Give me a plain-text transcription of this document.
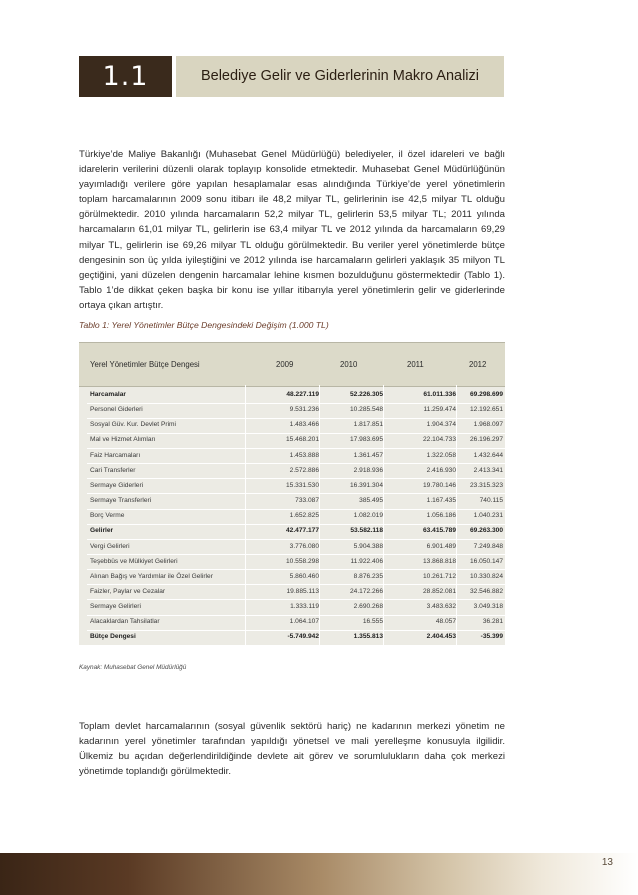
1.1	Belediye Gelir ve Giderlerinin Makro Analizi
Türkiye’de Maliye Bakanlığı (Muhasebat Genel Müdürlüğü) belediyeler, il özel idareleri ve bağlı idarelerin verilerini düzenli olarak toplayıp konsolide etmektedir. Muhasebat Genel Müdürlüğünün yayımladığı verilere göre yapılan hesaplamalar esas alındığında Türkiye’de yerel yönetimlerin toplam harcamalarının 2009 sonu itibarı ile 48,2 milyar TL, gelirlerinin ise 42,5 milyar TL olduğu görülmektedir. 2010 yılında harcamaların 52,2 milyar TL, gelirlerin 53,5 milyar TL; 2011 yılında harcamaların 61,01 milyar TL, gelirlerin ise 63,4 milyar TL ve 2012 yılında da harcamaların 69,29 milyar TL, gelirlerin ise 69,26 milyar TL olduğu görülmektedir. Bu veriler yerel yönetimlerde bütçe dengesinin son üç yılda iyileştiğini ve 2012 yılında ise harcamaların gelirleri yaklaşık 35 milyon TL geçtiğini, yani düzelen dengenin harcamalar lehine kısmen bozulduğunu göstermektedir (Tablo 1). Tablo 1’de dikkat çeken başka bir konu ise yıllar itibarıyla yerel yönetimlerin gelir ve giderlerinde ortaya çıkan artıştır.
Tablo 1: Yerel Yönetimler Bütçe Dengesindeki Değişim (1.000 TL)
Yerel Yönetimler Bütçe Dengesi	2009	2010	2011	2012
Harcamalar	48.227.119	52.226.305	61.011.336	69.298.699
Personel Giderleri	9.531.236	10.285.548	11.259.474	12.192.651
Sosyal Güv. Kur. Devlet Primi	1.483.466	1.817.851	1.904.374	1.968.097
Mal ve Hizmet Alımları	15.468.201	17.983.695	22.104.733	26.196.297
Faiz Harcamaları	1.453.888	1.361.457	1.322.058	1.432.644
Cari Transferler	2.572.886	2.918.936	2.416.930	2.413.341
Sermaye Giderleri	15.331.530	16.391.304	19.780.146	23.315.323
Sermaye Transferleri	733.087	385.495	1.167.435	740.115
Borç Verme	1.652.825	1.082.019	1.056.186	1.040.231
Gelirler	42.477.177	53.582.118	63.415.789	69.263.300
Vergi Gelirleri	3.776.080	5.904.388	6.901.489	7.249.848
Teşebbüs ve Mülkiyet Gelirleri	10.558.298	11.922.406	13.868.818	16.050.147
Alınan Bağış ve Yardımlar ile Özel Gelirler	5.860.460	8.876.235	10.261.712	10.330.824
Faizler, Paylar ve Cezalar	19.885.113	24.172.266	28.852.081	32.546.882
Sermaye Gelirleri	1.333.119	2.690.268	3.483.632	3.049.318
Alacaklardan Tahsilatlar	1.064.107	16.555	48.057	36.281
Bütçe Dengesi	-5.749.942	1.355.813	2.404.453	-35.399
Kaynak: Muhasebat Genel Müdürlüğü
Toplam devlet harcamalarının (sosyal güvenlik sektörü hariç) ne kadarının merkezi yönetim ne kadarının yerel yönetimler tarafından yapıldığı yönetsel ve mali yerelleşme konusuyla ilgilidir. Ülkemiz bu açıdan değerlendirildiğinde devlete ait görev ve sorumlulukların daha çok merkezi yönetimde toplandığı görülmektedir.
13
